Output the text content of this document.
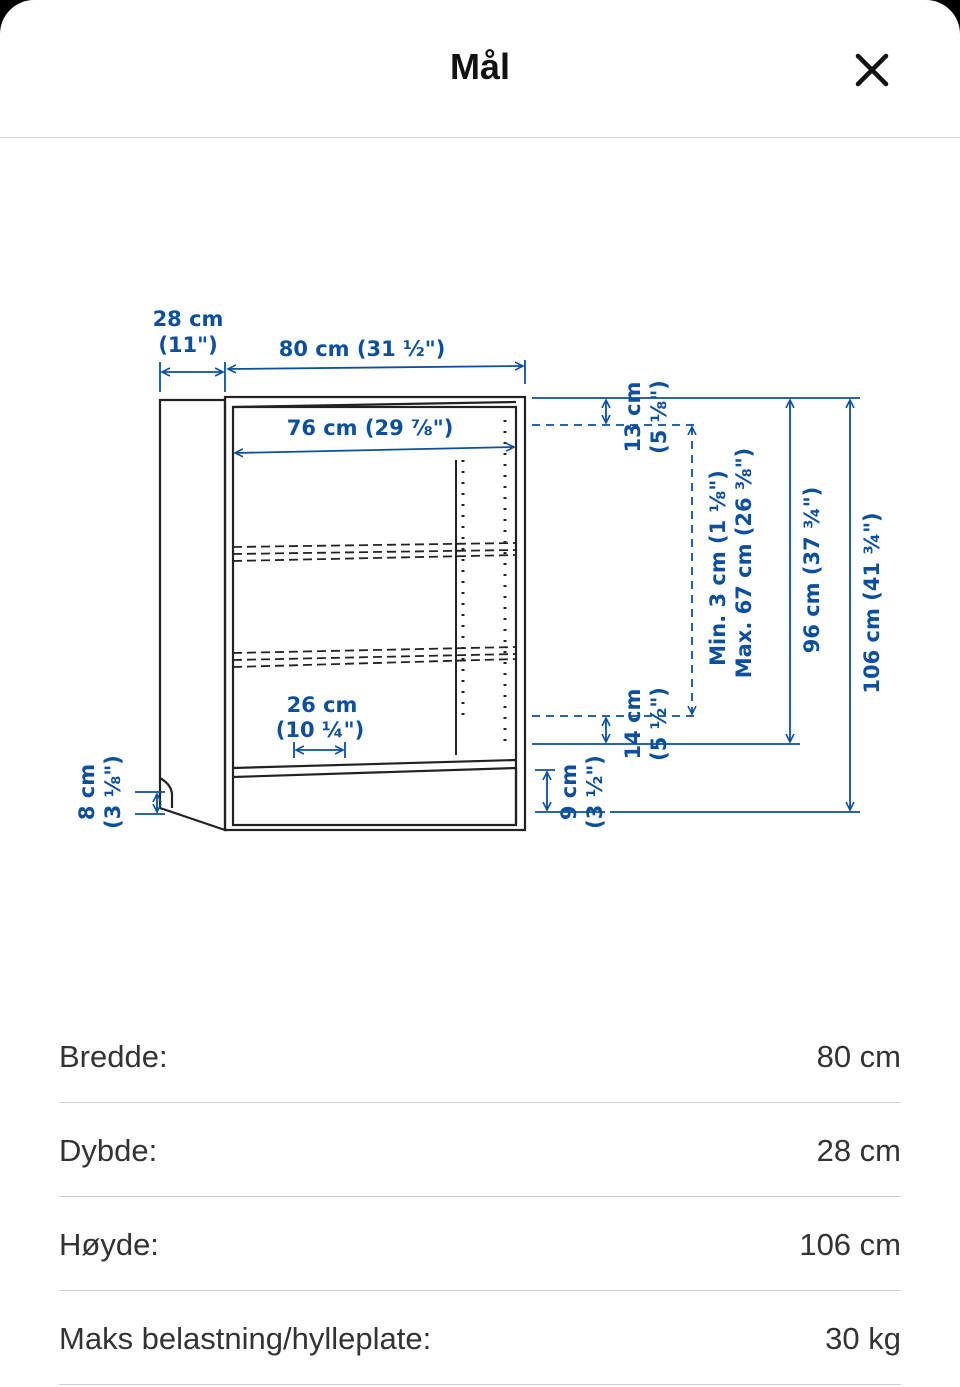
Mål
28 cm
(11")	80 cm (31 ½")
76 cm (29 ⅞")
26 cm
(10 ¼")
8 cm (3 ⅛")	9 cm (3 ½")
13 cm (5 ⅛")
14 cm (5 ½")
Min. 3 cm (1 ⅛") Max. 67 cm (26 ⅜") 96 cm (37 ¾") 106 cm (41 ¾")
Bredde:	80 cm
Dybde:	28 cm
Høyde:	106 cm
Maks belastning/hylleplate:	30 kg
